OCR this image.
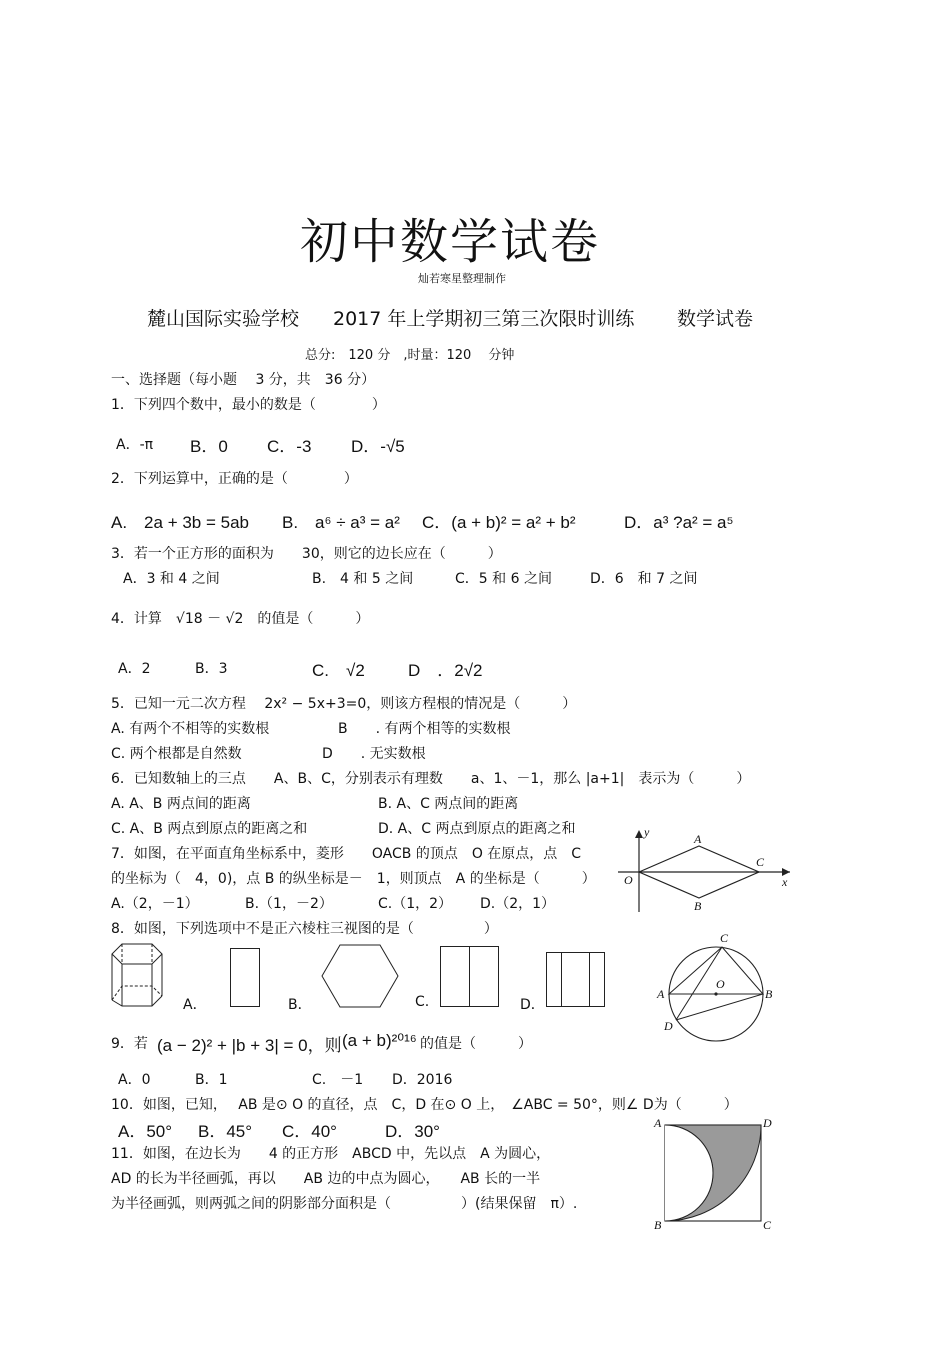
初中数学试卷
灿若寒星整理制作
麓山国际实验学校 2017 年上学期初三第三次限时训练 数学试卷
总分:　120 分　,时量：120　 分钟
一、选择题（每小题　 3 分，共　36 分）
1．下列四个数中，最小的数是（　　　　）
A．-π B．0 C．-3 D．-√5
2．下列运算中，正确的是（　　　　）
A.　2a + 3b = 5ab B.　a⁶ ÷ a³ = a² C．(a + b)² = a² + b²	D．a³ ?a² = a⁵
3．若一个正方形的面积为　　30，则它的边长应在（　　　）
A．3 和 4 之间	B.　4 和 5 之间	C．5 和 6 之间	D．6　和 7 之间
4．计算　√18 － √2　的值是（　　　）
A．2	B．3	C.　√2	D　．2√2
5．已知一元二次方程　 2x² − 5x+3=0，则该方程根的情况是（　　　）
A. 有两个不相等的实数根	B　　. 有两个相等的实数根
C. 两个根都是自然数	D　　. 无实数根
6．已知数轴上的三点　　A、B、C，分别表示有理数　　a、1、－1，那么 |a+1|　表示为（　　　）
A. A、B 两点间的距离	B. A、C 两点间的距离
C. A、B 两点到原点的距离之和	D. A、C 两点到原点的距离之和
7．如图，在平面直角坐标系中，菱形　　OACB 的顶点　O 在原点，点　C
的坐标为（　4，0)，点 B 的纵坐标是－　1，则顶点　A 的坐标是（　　　）
A.（2，－1）	B.（1，－2）	C.（1，2） D.（2，1）
y
x
O
A
B
C
8．如图，下列选项中不是正六棱柱三视图的是（　　　　　）
A．	B．	C.	D．
C
A	B
D
O
9．若 (a − 2)² + |b + 3| = 0，则 (a + b)²⁰¹⁶ 的值是（　　　）
A．0	B．1	C.　－1 D．2016
10．如图，已知，　 AB 是⊙ O 的直径，点　C，D 在⊙ O 上，　∠ABC = 50°，则∠ D为（　　　）
A．50° B．45° C．40°	D．30°
11．如图，在边长为　　4 的正方形　ABCD 中，先以点　A 为圆心，
AD 的长为半径画弧，再以　　AB 边的中点为圆心，　　AB 长的一半
为半径画弧，则两弧之间的阴影部分面积是（　　　　　）(结果保留　π）.
A	D
B	C
